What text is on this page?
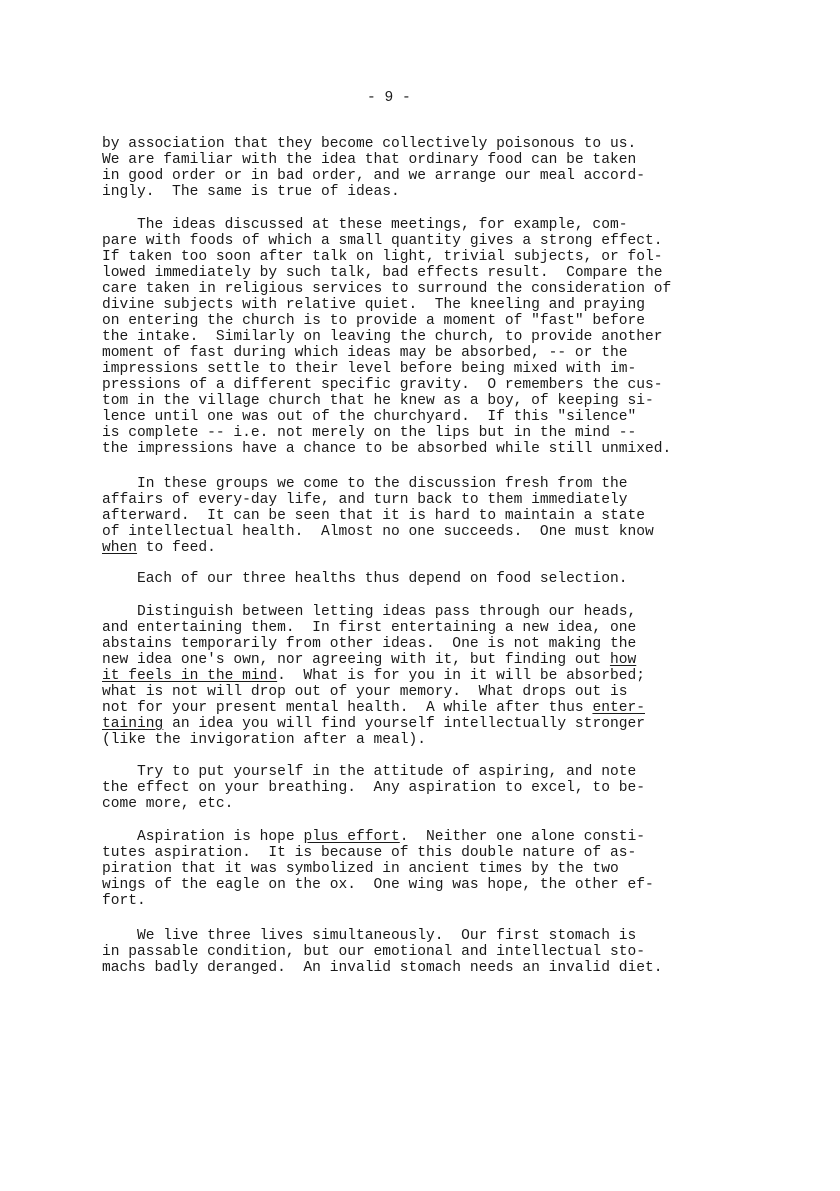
- 9 -
by association that they become collectively poisonous to us.
We are familiar with the idea that ordinary food can be taken
in good order or in bad order, and we arrange our meal accord-
ingly.  The same is true of ideas.
The ideas discussed at these meetings, for example, com-
pare with foods of which a small quantity gives a strong effect.
If taken too soon after talk on light, trivial subjects, or fol-
lowed immediately by such talk, bad effects result.  Compare the
care taken in religious services to surround the consideration of
divine subjects with relative quiet.  The kneeling and praying
on entering the church is to provide a moment of "fast" before
the intake.  Similarly on leaving the church, to provide another
moment of fast during which ideas may be absorbed, -- or the
impressions settle to their level before being mixed with im-
pressions of a different specific gravity.  O remembers the cus-
tom in the village church that he knew as a boy, of keeping si-
lence until one was out of the churchyard.  If this "silence"
is complete -- i.e. not merely on the lips but in the mind --
the impressions have a chance to be absorbed while still unmixed.
In these groups we come to the discussion fresh from the
affairs of every-day life, and turn back to them immediately
afterward.  It can be seen that it is hard to maintain a state
of intellectual health.  Almost no one succeeds.  One must know
when to feed.
Each of our three healths thus depend on food selection.
Distinguish between letting ideas pass through our heads,
and entertaining them.  In first entertaining a new idea, one
abstains temporarily from other ideas.  One is not making the
new idea one's own, nor agreeing with it, but finding out how
it feels in the mind.  What is for you in it will be absorbed;
what is not will drop out of your memory.  What drops out is
not for your present mental health.  A while after thus enter-
taining an idea you will find yourself intellectually stronger
(like the invigoration after a meal).
Try to put yourself in the attitude of aspiring, and note
the effect on your breathing.  Any aspiration to excel, to be-
come more, etc.
Aspiration is hope plus effort.  Neither one alone consti-
tutes aspiration.  It is because of this double nature of as-
piration that it was symbolized in ancient times by the two
wings of the eagle on the ox.  One wing was hope, the other ef-
fort.
We live three lives simultaneously.  Our first stomach is
in passable condition, but our emotional and intellectual sto-
machs badly deranged.  An invalid stomach needs an invalid diet.
